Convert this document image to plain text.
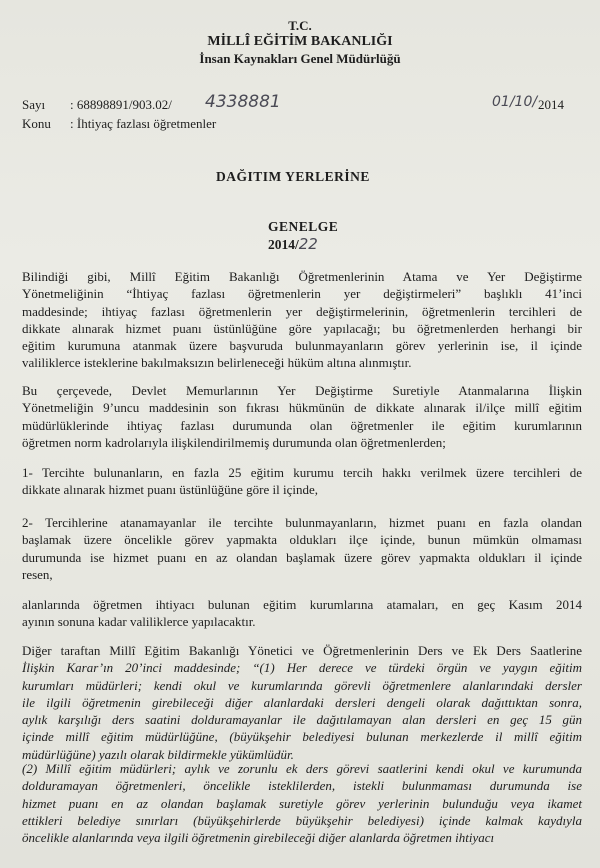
T.C.
MİLLÎ EĞİTİM BAKANLIĞI
İnsan Kaynakları Genel Müdürlüğü
Sayı : 68898891/903.02/ 4338881	01/10/ 2014
Konu : İhtiyaç fazlası öğretmenler
DAĞITIM YERLERİNE
GENELGE
2014/22
Bilindiği gibi, Millî Eğitim Bakanlığı Öğretmenlerinin Atama ve Yer Değiştirme
Yönetmeliğinin “İhtiyaç fazlası öğretmenlerin yer değiştirmeleri” başlıklı 41’inci
maddesinde; ihtiyaç fazlası öğretmenlerin yer değiştirmelerinin, öğretmenlerin tercihleri de
dikkate alınarak hizmet puanı üstünlüğüne göre yapılacağı; bu öğretmenlerden herhangi bir
eğitim kurumuna atanmak üzere başvuruda bulunmayanların görev yerlerinin ise, il içinde
valiliklerce isteklerine bakılmaksızın belirleneceği hüküm altına alınmıştır.
Bu çerçevede, Devlet Memurlarının Yer Değiştirme Suretiyle Atanmalarına İlişkin
Yönetmeliğin 9’uncu maddesinin son fıkrası hükmünün de dikkate alınarak il/ilçe millî eğitim
müdürlüklerinde ihtiyaç fazlası durumunda olan öğretmenler ile eğitim kurumlarının
öğretmen norm kadrolarıyla ilişkilendirilmemiş durumunda olan öğretmenlerden;
1- Tercihte bulunanların, en fazla 25 eğitim kurumu tercih hakkı verilmek üzere tercihleri de
dikkate alınarak hizmet puanı üstünlüğüne göre il içinde,
2- Tercihlerine atanamayanlar ile tercihte bulunmayanların, hizmet puanı en fazla olandan
başlamak üzere öncelikle görev yapmakta oldukları ilçe içinde, bunun mümkün olmaması
durumunda ise hizmet puanı en az olandan başlamak üzere görev yapmakta oldukları il içinde
resen,
alanlarında öğretmen ihtiyacı bulunan eğitim kurumlarına atamaları, en geç Kasım 2014
ayının sonuna kadar valiliklerce yapılacaktır.
Diğer taraftan Millî Eğitim Bakanlığı Yönetici ve Öğretmenlerinin Ders ve Ek Ders Saatlerine
İlişkin Karar’ın 20’inci maddesinde; “(1) Her derece ve türdeki örgün ve yaygın eğitim
kurumları müdürleri; kendi okul ve kurumlarında görevli öğretmenlere alanlarındaki dersler
ile ilgili öğretmenin girebileceği diğer alanlardaki dersleri dengeli olarak dağıttıktan sonra,
aylık karşılığı ders saatini dolduramayanlar ile dağıtılamayan alan dersleri en geç 15 gün
içinde millî eğitim müdürlüğüne, (büyükşehir belediyesi bulunan merkezlerde il millî eğitim
müdürlüğüne) yazılı olarak bildirmekle yükümlüdür.
(2) Millî eğitim müdürleri; aylık ve zorunlu ek ders görevi saatlerini kendi okul ve kurumunda
dolduramayan öğretmenleri, öncelikle isteklilerden, istekli bulunmaması durumunda ise
hizmet puanı en az olandan başlamak suretiyle görev yerlerinin bulunduğu veya ikamet
ettikleri belediye sınırları (büyükşehirlerde büyükşehir belediyesi) içinde kalmak kaydıyla
öncelikle alanlarında veya ilgili öğretmenin girebileceği diğer alanlarda öğretmen ihtiyacı
